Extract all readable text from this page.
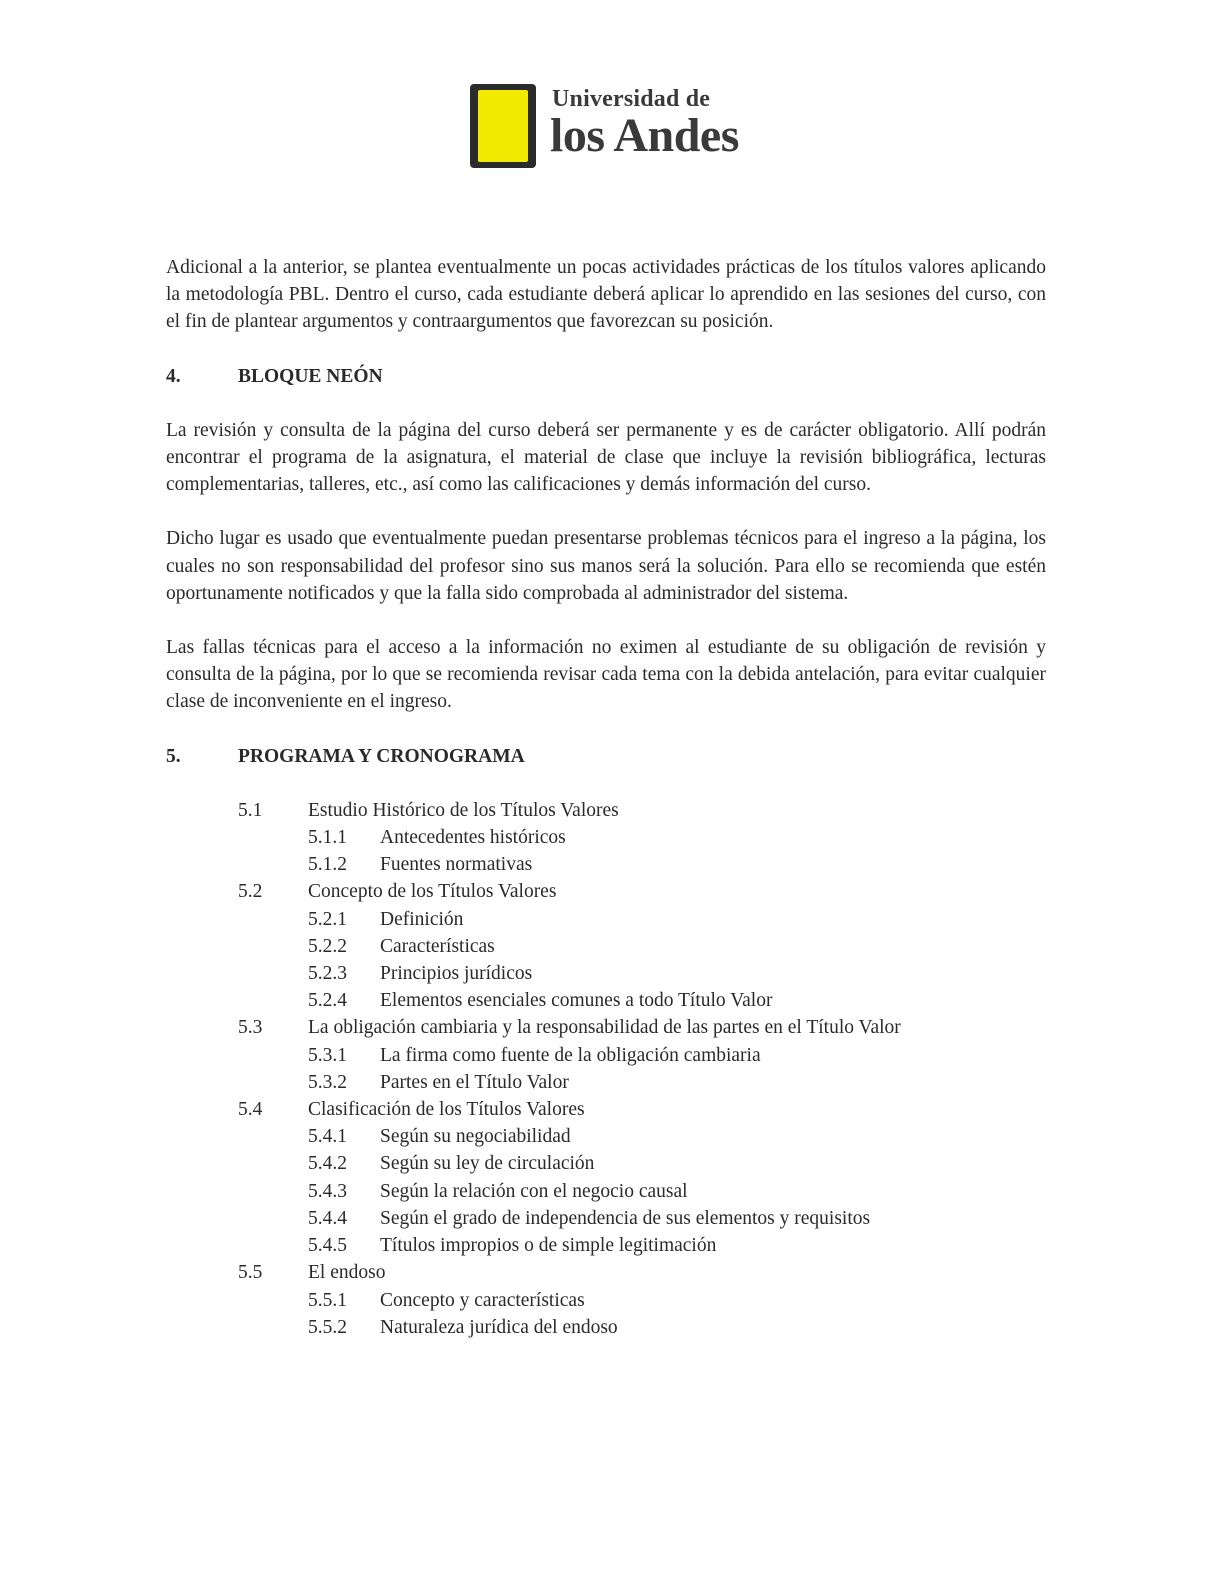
Universidad de
los Andes

Adicional a la anterior, se plantea eventualmente un pocas actividades prácticas de los títulos valores aplicando la metodología PBL. Dentro el curso, cada estudiante deberá aplicar lo aprendido en las sesiones del curso, con el fin de plantear argumentos y contraargumentos que favorezcan su posición.

4.	BLOQUE NEÓN

La revisión y consulta de la página del curso deberá ser permanente y es de carácter obligatorio. Allí podrán encontrar el programa de la asignatura, el material de clase que incluye la revisión bibliográfica, lecturas complementarias, talleres, etc., así como las calificaciones y demás información del curso.

Dicho lugar es usado que eventualmente puedan presentarse problemas técnicos para el ingreso a la página, los cuales no son responsabilidad del profesor sino sus manos será la solución. Para ello se recomienda que estén oportunamente notificados y que la falla sido comprobada al administrador del sistema.

Las fallas técnicas para el acceso a la información no eximen al estudiante de su obligación de revisión y consulta de la página, por lo que se recomienda revisar cada tema con la debida antelación, para evitar cualquier clase de inconveniente en el ingreso.

5.	PROGRAMA Y CRONOGRAMA
5.1	Estudio Histórico de los Títulos Valores
5.1.1	Antecedentes históricos
5.1.2	Fuentes normativas
5.2	Concepto de los Títulos Valores
5.2.1	Definición
5.2.2	Características
5.2.3	Principios jurídicos
5.2.4	Elementos esenciales comunes a todo Título Valor
5.3	La obligación cambiaria y la responsabilidad de las partes en el Título Valor
5.3.1	La firma como fuente de la obligación cambiaria
5.3.2	Partes en el Título Valor
5.4	Clasificación de los Títulos Valores
5.4.1	Según su negociabilidad
5.4.2	Según su ley de circulación
5.4.3	Según la relación con el negocio causal
5.4.4	Según el grado de independencia de sus elementos y requisitos
5.4.5	Títulos impropios o de simple legitimación
5.5	El endoso
5.5.1	Concepto y características
5.5.2	Naturaleza jurídica del endoso
